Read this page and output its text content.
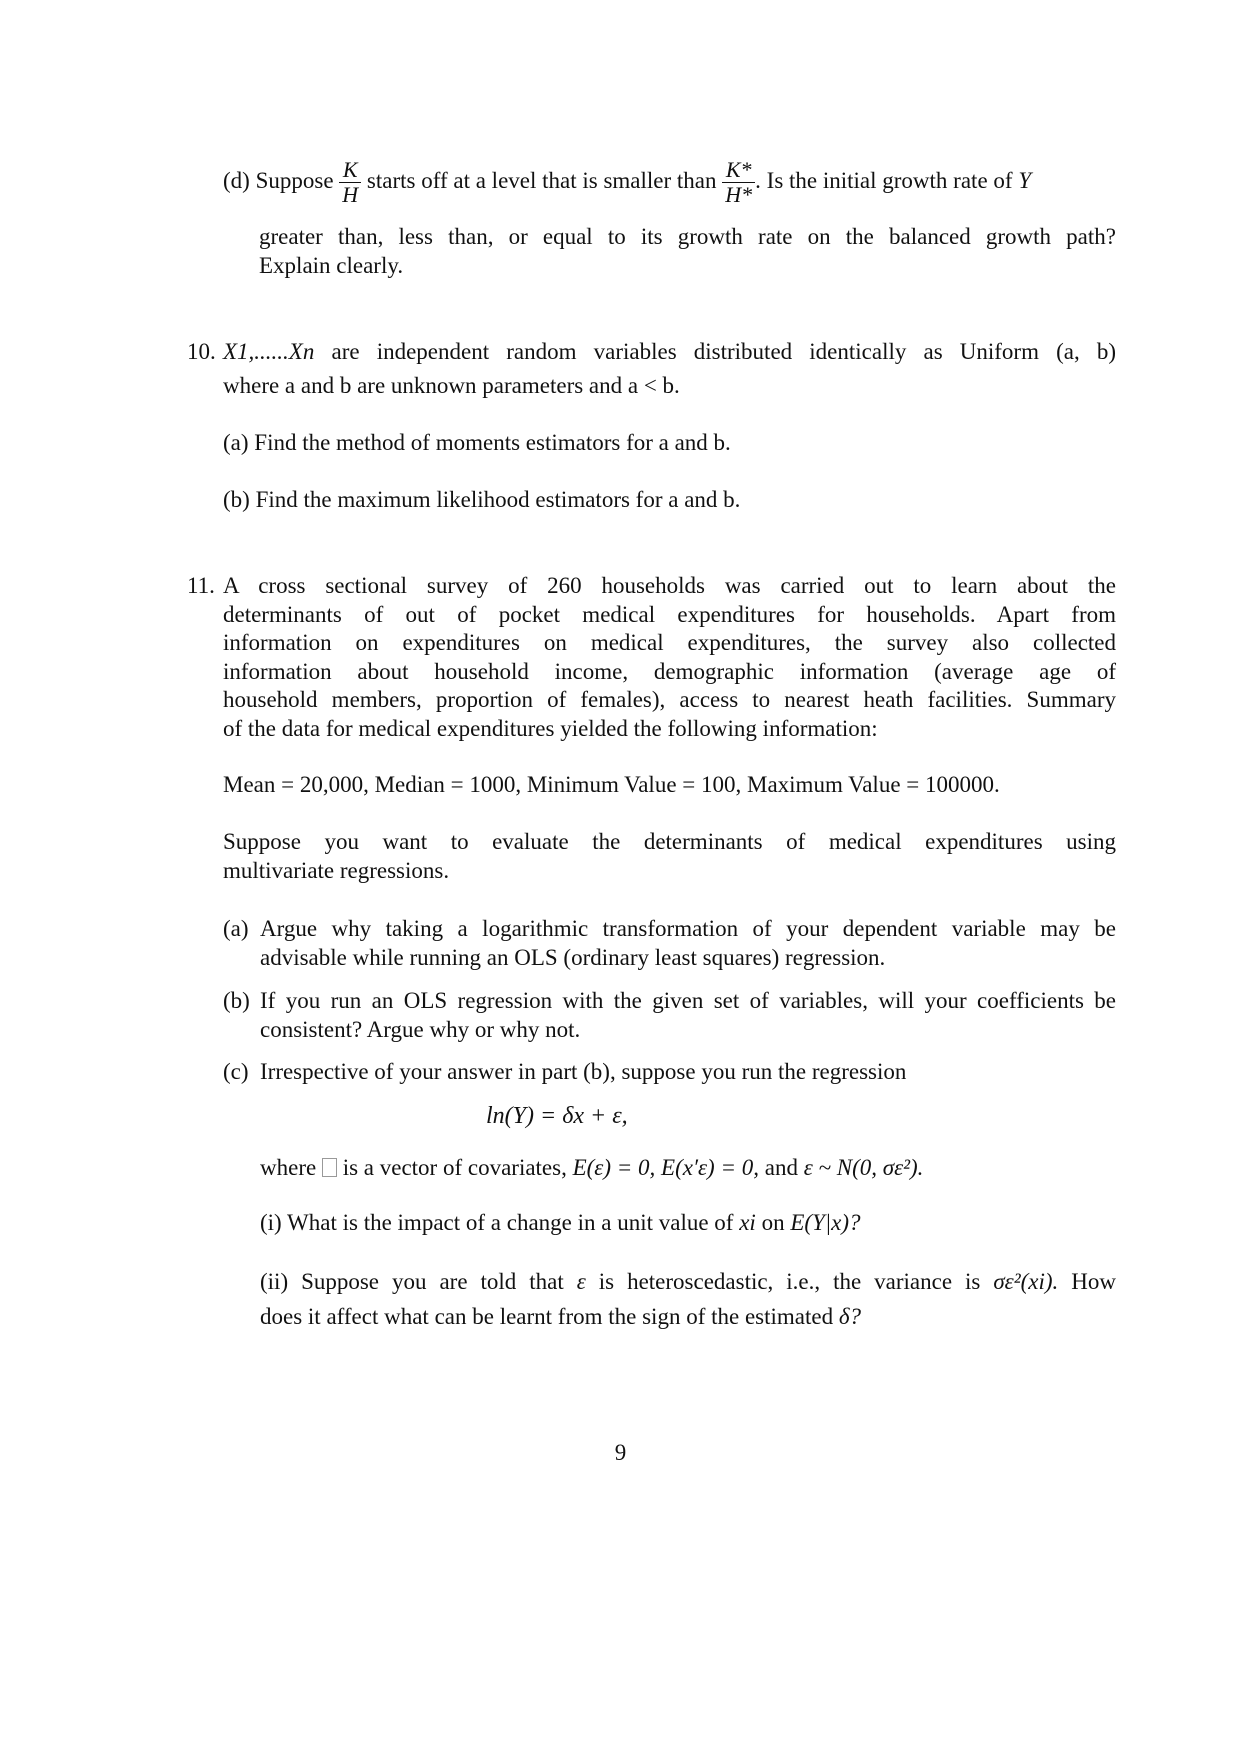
(d) Suppose $\frac{K}{H}$ starts off at a level that is smaller than $\frac{K*}{H*}$ . Is the initial growth rate of Y
greater than, less than, or equal to its growth rate on the balanced growth path?
Explain clearly.
10. X1,......Xn are independent random variables distributed identically as Uniform (a, b)
where a and b are unknown parameters and a < b.
(a) Find the method of moments estimators for a and b.
(b) Find the maximum likelihood estimators for a and b.
11. A cross sectional survey of 260 households was carried out to learn about the
determinants of out of pocket medical expenditures for households. Apart from
information on expenditures on medical expenditures, the survey also collected
information about household income, demographic information (average age of
household members, proportion of females), access to nearest heath facilities. Summary
of the data for medical expenditures yielded the following information:
Mean = 20,000, Median = 1000, Minimum Value = 100, Maximum Value = 100000.
Suppose you want to evaluate the determinants of medical expenditures using
multivariate regressions.
(a) Argue why taking a logarithmic transformation of your dependent variable may be
advisable while running an OLS (ordinary least squares) regression.
(b) If you run an OLS regression with the given set of variables, will your coefficients be
consistent? Argue why or why not.
(c) Irrespective of your answer in part (b), suppose you run the regression
ln(Y) = δx + ε,
where is a vector of covariates, E(ε) = 0, E(x′ε) = 0, and ε ~ N(0, σε²).
(i) What is the impact of a change in a unit value of xi on E(Y|x)?
(ii) Suppose you are told that ε is heteroscedastic, i.e., the variance is σε²(xi). How
does it affect what can be learnt from the sign of the estimated δ?
9
